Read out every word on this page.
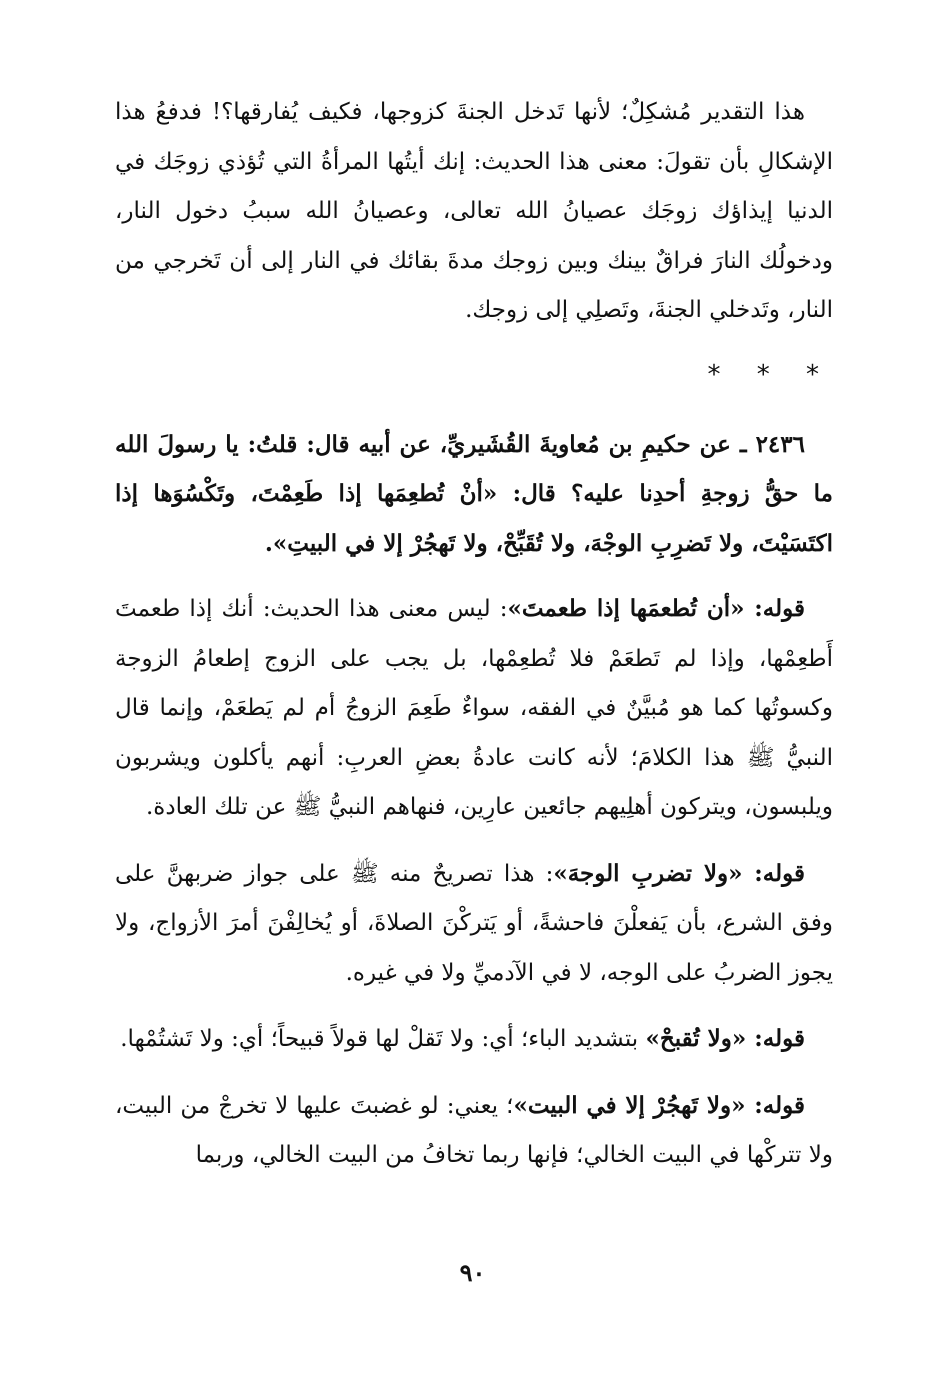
هذا التقدير مُشكِلٌ؛ لأنها تَدخل الجنةَ كزوجها، فكيف يُفارقها؟! فدفعُ هذا الإشكالِ بأن تقولَ: معنى هذا الحديث: إنك أيتُها المرأةُ التي تُؤذي زوجَك في الدنيا إيذاؤك زوجَك عصيانُ الله تعالى، وعصيانُ الله سببُ دخول النار، ودخولُك النارَ فراقٌ بينك وبين زوجك مدةَ بقائك في النار إلى أن تَخرجي من النار، وتَدخلي الجنةَ، وتَصلِي إلى زوجك.

* * *

٢٤٣٦ ـ عن حكيمِ بن مُعاويةَ القُشَيريِّ، عن أبيه قال: قلتُ: يا رسولَ الله ما حقُّ زوجةِ أحدِنا عليه؟ قال: «أنْ تُطعِمَها إذا طَعِمْتَ، وتَكْسُوَها إذا اكتَسَيْتَ، ولا تَضرِبِ الوجْهَ، ولا تُقَبِّحْ، ولا تَهجُرْ إلا في البيتِ».

قوله: «أن تُطعمَها إذا طعمتَ»: ليس معنى هذا الحديث: أنك إذا طعمتَ أَطعِمْها، وإذا لم تَطعَمْ فلا تُطعِمْها، بل يجب على الزوج إطعامُ الزوجة وكسوتُها كما هو مُبيَّنٌ في الفقه، سواءٌ طَعِمَ الزوجُ أم لم يَطعَمْ، وإنما قال النبيُّ ﷺ هذا الكلامَ؛ لأنه كانت عادةُ بعضِ العربِ: أنهم يأكلون ويشربون ويلبسون، ويتركون أهلِيهم جائعين عارِين، فنهاهم النبيُّ ﷺ عن تلك العادة.

قوله: «ولا تضربِ الوجهَ»: هذا تصريحٌ منه ﷺ على جواز ضربهنَّ على وفق الشرع، بأن يَفعلْنَ فاحشةً، أو يَتركْنَ الصلاةَ، أو يُخالِفْنَ أمرَ الأزواج، ولا يجوز الضربُ على الوجه، لا في الآدميِّ ولا في غيره.

قوله: «ولا تُقبحْ» بتشديد الباء؛ أي: ولا تَقلْ لها قولاً قبيحاً؛ أي: ولا تَشتُمْها.

قوله: «ولا تَهجُرْ إلا في البيت»؛ يعني: لو غضبتَ عليها لا تخرجْ من البيت، ولا تتركْها في البيت الخالي؛ فإنها ربما تخافُ من البيت الخالي، وربما

٩٠
